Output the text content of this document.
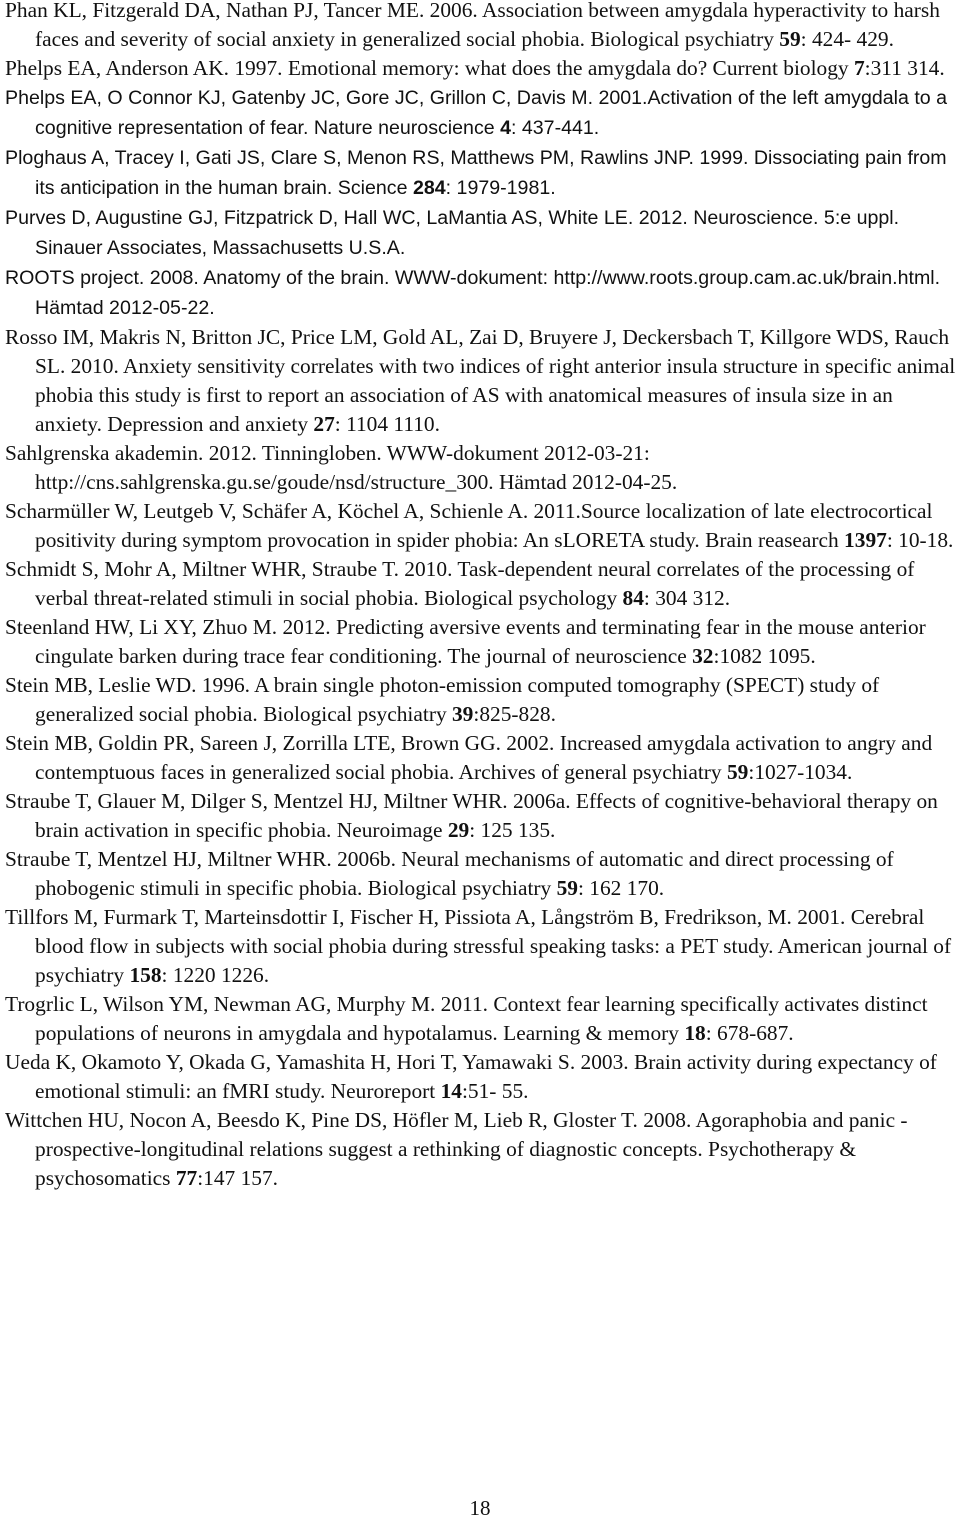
Phan KL, Fitzgerald DA, Nathan PJ, Tancer ME. 2006. Association between amygdala hyperactivity to harsh faces and severity of social anxiety in generalized social phobia. Biological psychiatry 59: 424- 429.
Phelps EA, Anderson AK. 1997. Emotional memory: what does the amygdala do? Current biology 7:311 314.
Phelps EA, O Connor KJ, Gatenby JC, Gore JC, Grillon C, Davis M. 2001.Activation of the left amygdala to a cognitive representation of fear. Nature neuroscience 4: 437-441.
Ploghaus A, Tracey I, Gati JS, Clare S, Menon RS, Matthews PM, Rawlins JNP. 1999. Dissociating pain from its anticipation in the human brain. Science 284: 1979-1981.
Purves D, Augustine GJ, Fitzpatrick D, Hall WC, LaMantia AS, White LE. 2012. Neuroscience. 5:e uppl. Sinauer Associates, Massachusetts U.S.A.
ROOTS project. 2008. Anatomy of the brain. WWW-dokument: http://www.roots.group.cam.ac.uk/brain.html. Hämtad 2012-05-22.
Rosso IM, Makris N, Britton JC, Price LM, Gold AL, Zai D, Bruyere J, Deckersbach T, Killgore WDS, Rauch SL. 2010. Anxiety sensitivity correlates with two indices of right anterior insula structure in specific animal phobia this study is first to report an association of AS with anatomical measures of insula size in an anxiety. Depression and anxiety 27: 1104 1110.
Sahlgrenska akademin. 2012. Tinningloben. WWW-dokument 2012-03-21: http://cns.sahlgrenska.gu.se/goude/nsd/structure_300. Hämtad 2012-04-25.
Scharmüller W, Leutgeb V, Schäfer A, Köchel A, Schienle A. 2011.Source localization of late electrocortical positivity during symptom provocation in spider phobia: An sLORETA study. Brain reasearch 1397: 10-18.
Schmidt S, Mohr A, Miltner WHR, Straube T. 2010. Task-dependent neural correlates of the processing of verbal threat-related stimuli in social phobia. Biological psychology 84: 304 312.
Steenland HW, Li XY, Zhuo M. 2012. Predicting aversive events and terminating fear in the mouse anterior cingulate barken during trace fear conditioning. The journal of neuroscience 32:1082 1095.
Stein MB, Leslie WD. 1996. A brain single photon-emission computed tomography (SPECT) study of generalized social phobia. Biological psychiatry 39:825-828.
Stein MB, Goldin PR, Sareen J, Zorrilla LTE, Brown GG. 2002. Increased amygdala activation to angry and contemptuous faces in generalized social phobia. Archives of general psychiatry 59:1027-1034.
Straube T, Glauer M, Dilger S, Mentzel HJ, Miltner WHR. 2006a. Effects of cognitive-behavioral therapy on brain activation in specific phobia. Neuroimage 29: 125 135.
Straube T, Mentzel HJ, Miltner WHR. 2006b. Neural mechanisms of automatic and direct processing of phobogenic stimuli in specific phobia. Biological psychiatry 59: 162 170.
Tillfors M, Furmark T, Marteinsdottir I, Fischer H, Pissiota A, Långström B, Fredrikson, M. 2001. Cerebral blood flow in subjects with social phobia during stressful speaking tasks: a PET study. American journal of psychiatry 158: 1220 1226.
Trogrlic L, Wilson YM, Newman AG, Murphy M. 2011. Context fear learning specifically activates distinct populations of neurons in amygdala and hypotalamus. Learning & memory 18: 678-687.
Ueda K, Okamoto Y, Okada G, Yamashita H, Hori T, Yamawaki S. 2003. Brain activity during expectancy of emotional stimuli: an fMRI study. Neuroreport 14:51- 55.
Wittchen HU, Nocon A, Beesdo K, Pine DS, Höfler M, Lieb R, Gloster T. 2008. Agoraphobia and panic - prospective-longitudinal relations suggest a rethinking of diagnostic concepts. Psychotherapy & psychosomatics 77:147 157.
18
